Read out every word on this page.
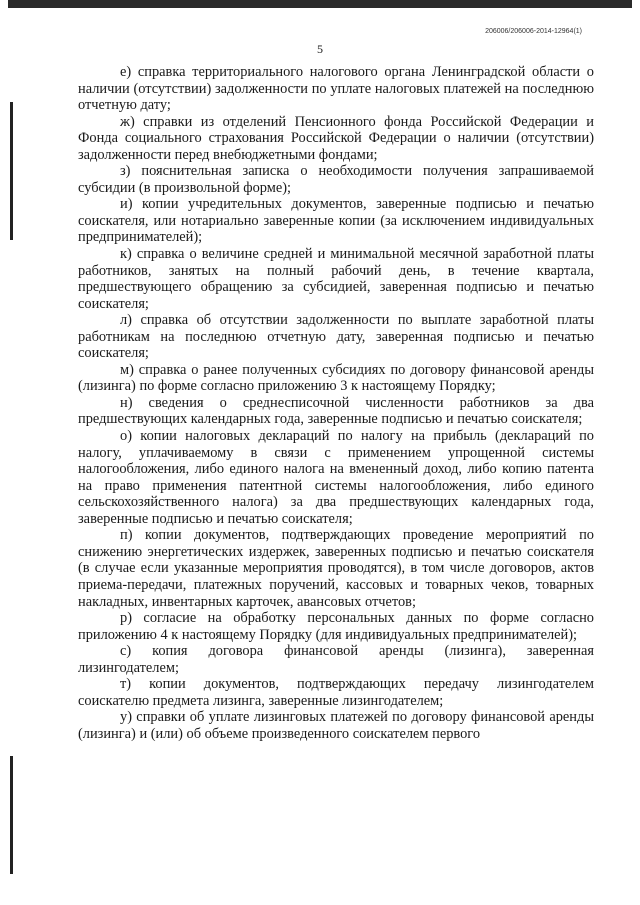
206006/206006-2014-12964(1)
5

е) справка территориального налогового органа Ленинградской области о наличии (отсутствии) задолженности по уплате налоговых платежей на последнюю отчетную дату;

ж) справки из отделений Пенсионного фонда Российской Федерации и Фонда социального страхования Российской Федерации о наличии (отсутствии) задолженности перед внебюджетными фондами;

з) пояснительная записка о необходимости получения запрашиваемой субсидии (в произвольной форме);

и) копии учредительных документов, заверенные подписью и печатью соискателя, или нотариально заверенные копии (за исключением индивидуальных предпринимателей);

к) справка о величине средней и минимальной месячной заработной платы работников, занятых на полный рабочий день, в течение квартала, предшествующего обращению за субсидией, заверенная подписью и печатью соискателя;

л) справка об отсутствии задолженности по выплате заработной платы работникам на последнюю отчетную дату, заверенная подписью и печатью соискателя;

м) справка о ранее полученных субсидиях по договору финансовой аренды (лизинга) по форме согласно приложению 3 к настоящему Порядку;

н) сведения о среднесписочной численности работников за два предшествующих календарных года, заверенные подписью и печатью соискателя;

о) копии налоговых деклараций по налогу на прибыль (деклараций по налогу, уплачиваемому в связи с применением упрощенной системы налогообложения, либо единого налога на вмененный доход, либо копию патента на право применения патентной системы налогообложения, либо единого сельскохозяйственного налога) за два предшествующих календарных года, заверенные подписью и печатью соискателя;

п) копии документов, подтверждающих проведение мероприятий по снижению энергетических издержек, заверенных подписью и печатью соискателя (в случае если указанные мероприятия проводятся), в том числе договоров, актов приема-передачи, платежных поручений, кассовых и товарных чеков, товарных накладных, инвентарных карточек, авансовых отчетов;

р) согласие на обработку персональных данных по форме согласно приложению 4 к настоящему Порядку (для индивидуальных предпринимателей);

с) копия договора финансовой аренды (лизинга), заверенная лизингодателем;

т) копии документов, подтверждающих передачу лизингодателем соискателю предмета лизинга, заверенные лизингодателем;

у) справки об уплате лизинговых платежей по договору финансовой аренды (лизинга) и (или) об объеме произведенного соискателем первого
